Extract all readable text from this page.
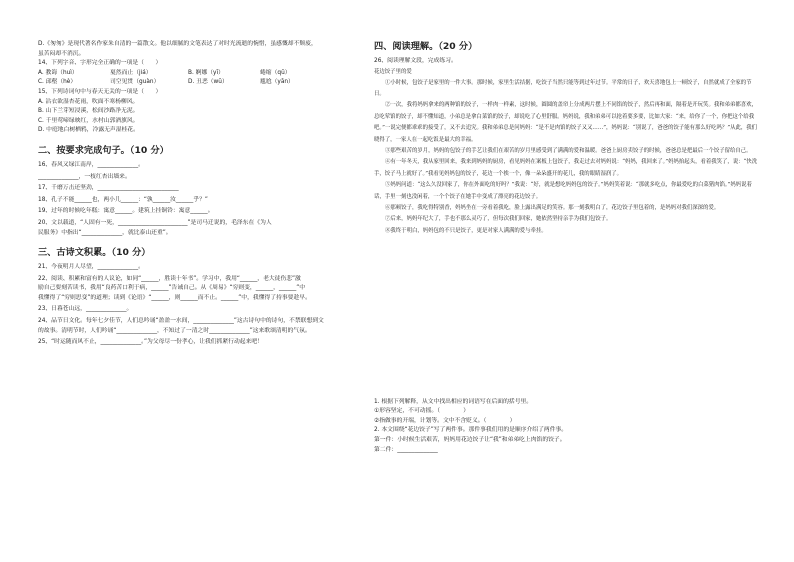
D.《匆匆》是现代著名作家朱自清的一篇散文。他以细腻的文笔表达了对时光流逝的惋惜，虽感慨却不颓废，
虽苦闷却不消沉。
14、下列字音、字形完全正确的一项是（　　）
A. 教诲（huì）	戛然而止（jiá）	B. 婀娜（yī）	蜷缩（qū）
C. 邱壑（hè）	司空见贯（guàn）	D. 丑恶（wū）	尴尬（yān）
15、下列诗词句中与春天无关的一项是（　　）
A. 沾衣欲湿杏花雨，吹面不寒杨柳风。
B. 山下兰芽短浸溪，松间沙路净无泥。
C. 千里莺啼绿映红，水村山郭酒旗风。
D. 中庭地白树栖鸦，冷露无声湿桂花。
二、按要求完成句子。（10 分）
16、春风又绿江南岸，______________。
______________，一枝红杏出墙来。
17、千磨万击还坚劲，____________________________
18、孔子不能______也，两小儿______：“孰______汝______乎？”
19、过年的时候吃年糕：寓意______。建筑上挂铜铃：寓意______。
20、文以载道，“人固有一死，________________________”是司马迁说的，毛泽东在《为人
民服务》中指出“______________，就比泰山还重”。
三、古诗文积累。（10 分）
21、今夜明月人尽望，______________。
22、阅读、积累和富有的人议论，如同“______，胜读十年书”。学习中，我用“______，老大徒伤悲”激
励自己要刻苦读书，我用“良药苦口利于病，______”告诫自己。从《周易》“穷则变，______，______”中
我懂得了“穷则思变”的道理；读到《论语》“______，则______而不止。______”中，我懂得了持事要趁早。
23、日暮苍山远，______________。
24、品节日文化。每年七夕佳节，人们总吟诵“盈盈一水间，______________”这古诗句中的诗句，不禁联想到文
的故事。清明节时，人们吟诵“______________，不知过了一清之时______________”这来歌颂清明的气氛。
25、“时运随而风不止，______________。”为父母尽一份孝心，让我们抓紧行动起来吧！
四、阅读理解。（20 分）
26、阅读理解文段，完成练习。
花边饺子里的爱
①小时候，包饺子是家里的一件大事。那时候，家里生活拮据，吃饺子当然只能等到过年过节。平常的日子，欢天喜地包上一顿饺子，自然就成了全家的节日。
②一次，我将妈妈拿来的两种馅的饺子，一样肉一样素，这时候，圆圆的盖帘上分成两片摆上不同馅的饺子，然后再和面，隔着是开玩笑。我和弟弟都喜欢，总吃荤馅的饺子，却不懂知道，小弟总是拿白菜馅的饺子，却说吃了心里舒服。妈妈说，我和弟弟可以抢着要多要，比如大家：“来，给你了一个，你把这个给我吧。”一说完便都乖乖的接受了，又不去追究。我和弟弟总是问妈妈：“是不是肉馅的饺子又又……”，妈妈说：“别说了，爸爸的饺子能有那么好吃吗？”从此，我们晓得了，一家人在一起吃饭是最大的幸福。
③那些艰苦的岁月，妈妈的包饺子的手艺让我们在艰苦的岁月里感受到了满满的爱和温暖。爸爸上厨房卖饺子的时候，爸爸总是把最后一个饺子留给自己。
④有一年冬天，我从家里回来，我来到妈妈的厨房，看见妈妈在案板上包饺子，我走过去对妈妈说：“妈妈，我回来了。”妈妈抬起头，看着我笑了，说：“快洗手，饺子马上就好了。”我看见妈妈包的饺子，花边一个挨一个，像一朵朵盛开的花儿，我的眼睛湿润了。
⑤妈妈问道：“这么久没回家了，你在外面吃的好吗？”我说：“好，就是想吃妈妈包的饺子。”妈妈笑着说：“那就多吃点，你最爱吃的白菜猪肉馅。”妈妈说着话，手里一刻也没闲着，一个个饺子在她手中变成了漂亮的花边饺子。
⑥那顿饺子，我吃得特别香，妈妈坐在一旁看着我吃，脸上露出满足的笑容。那一刻我明白了，花边饺子里包着的，是妈妈对我们深深的爱。
⑦后来，妈妈年纪大了，手也不那么灵巧了，但每次我们回家，她依然坚持亲手为我们包饺子。
⑧我终于明白，妈妈包的不只是饺子，更是对家人满满的爱与牵挂。
1. 根据下列解释，从文中找出相应的词语写在后面的括号里。
①形容坚定，不可动摇。（　　　　）
②指做事的开端，计划等。文中不含贬义。（　　　　）
2. 本文围绕“花边饺子”写了两件事。那件事我们用的是顺序介绍了两件事。
第一件：小时候生活艰苦，妈妈用花边饺子让“我”和弟弟吃上肉馅的饺子。
第二件：______________
